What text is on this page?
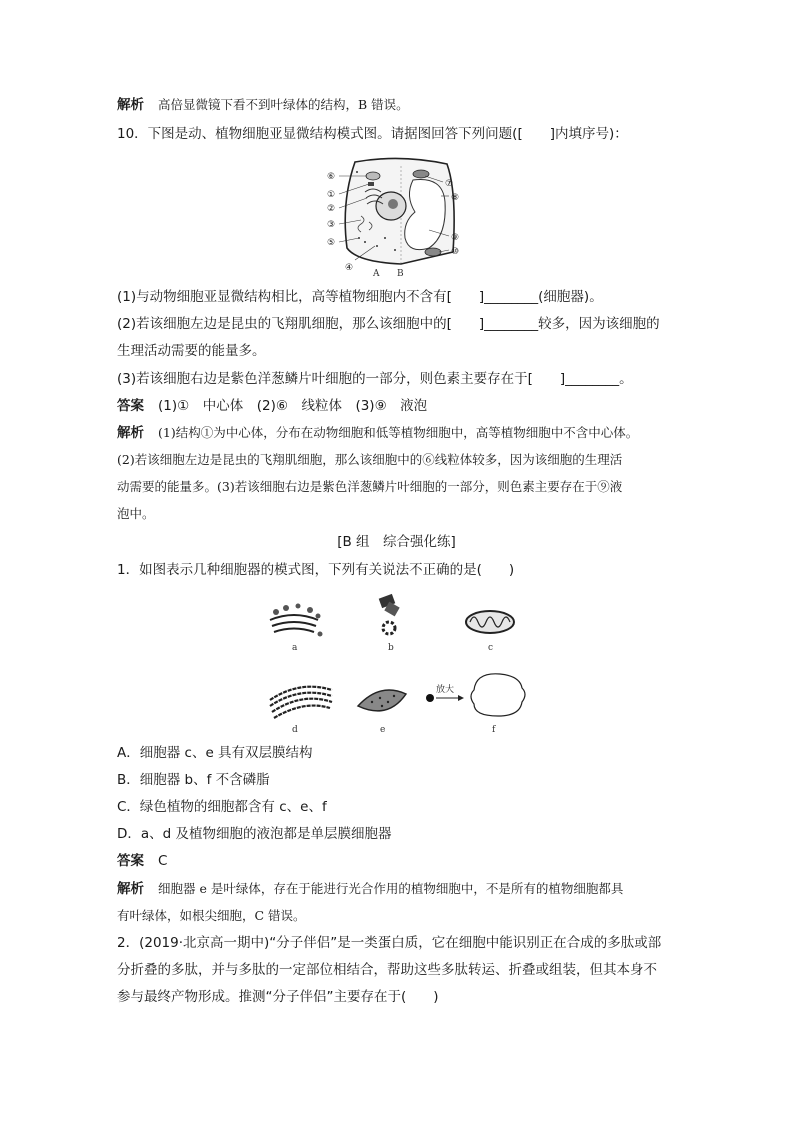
解析 高倍显微镜下看不到叶绿体的结构，B 错误。
10．下图是动、植物细胞亚显微结构模式图。请据图回答下列问题([　　]内填序号)：
⑥
①
②
③
⑤
④
⑦
⑧
⑨
⑩
A B
(1)与动物细胞亚显微结构相比，高等植物细胞内不含有[　　]________(细胞器)。
(2)若该细胞左边是昆虫的飞翔肌细胞，那么该细胞中的[　　]________较多，因为该细胞的
生理活动需要的能量多。
(3)若该细胞右边是紫色洋葱鳞片叶细胞的一部分，则色素主要存在于[　　]________。
答案 (1)①　中心体　(2)⑥　线粒体　(3)⑨　液泡
解析 (1)结构①为中心体，分布在动物细胞和低等植物细胞中，高等植物细胞中不含中心体。
(2)若该细胞左边是昆虫的飞翔肌细胞，那么该细胞中的⑥线粒体较多，因为该细胞的生理活
动需要的能量多。(3)若该细胞右边是紫色洋葱鳞片叶细胞的一部分，则色素主要存在于⑨液
泡中。
[B 组　综合强化练]
1．如图表示几种细胞器的模式图，下列有关说法不正确的是(　　)
a	b	c
d	e
放大
f
A．细胞器 c、e 具有双层膜结构
B．细胞器 b、f 不含磷脂
C．绿色植物的细胞都含有 c、e、f
D．a、d 及植物细胞的液泡都是单层膜细胞器
答案 C
解析 细胞器 e 是叶绿体，存在于能进行光合作用的植物细胞中，不是所有的植物细胞都具
有叶绿体，如根尖细胞，C 错误。
2．(2019·北京高一期中)“分子伴侣”是一类蛋白质，它在细胞中能识别正在合成的多肽或部
分折叠的多肽，并与多肽的一定部位相结合，帮助这些多肽转运、折叠或组装，但其本身不
参与最终产物形成。推测“分子伴侣”主要存在于(　　)
